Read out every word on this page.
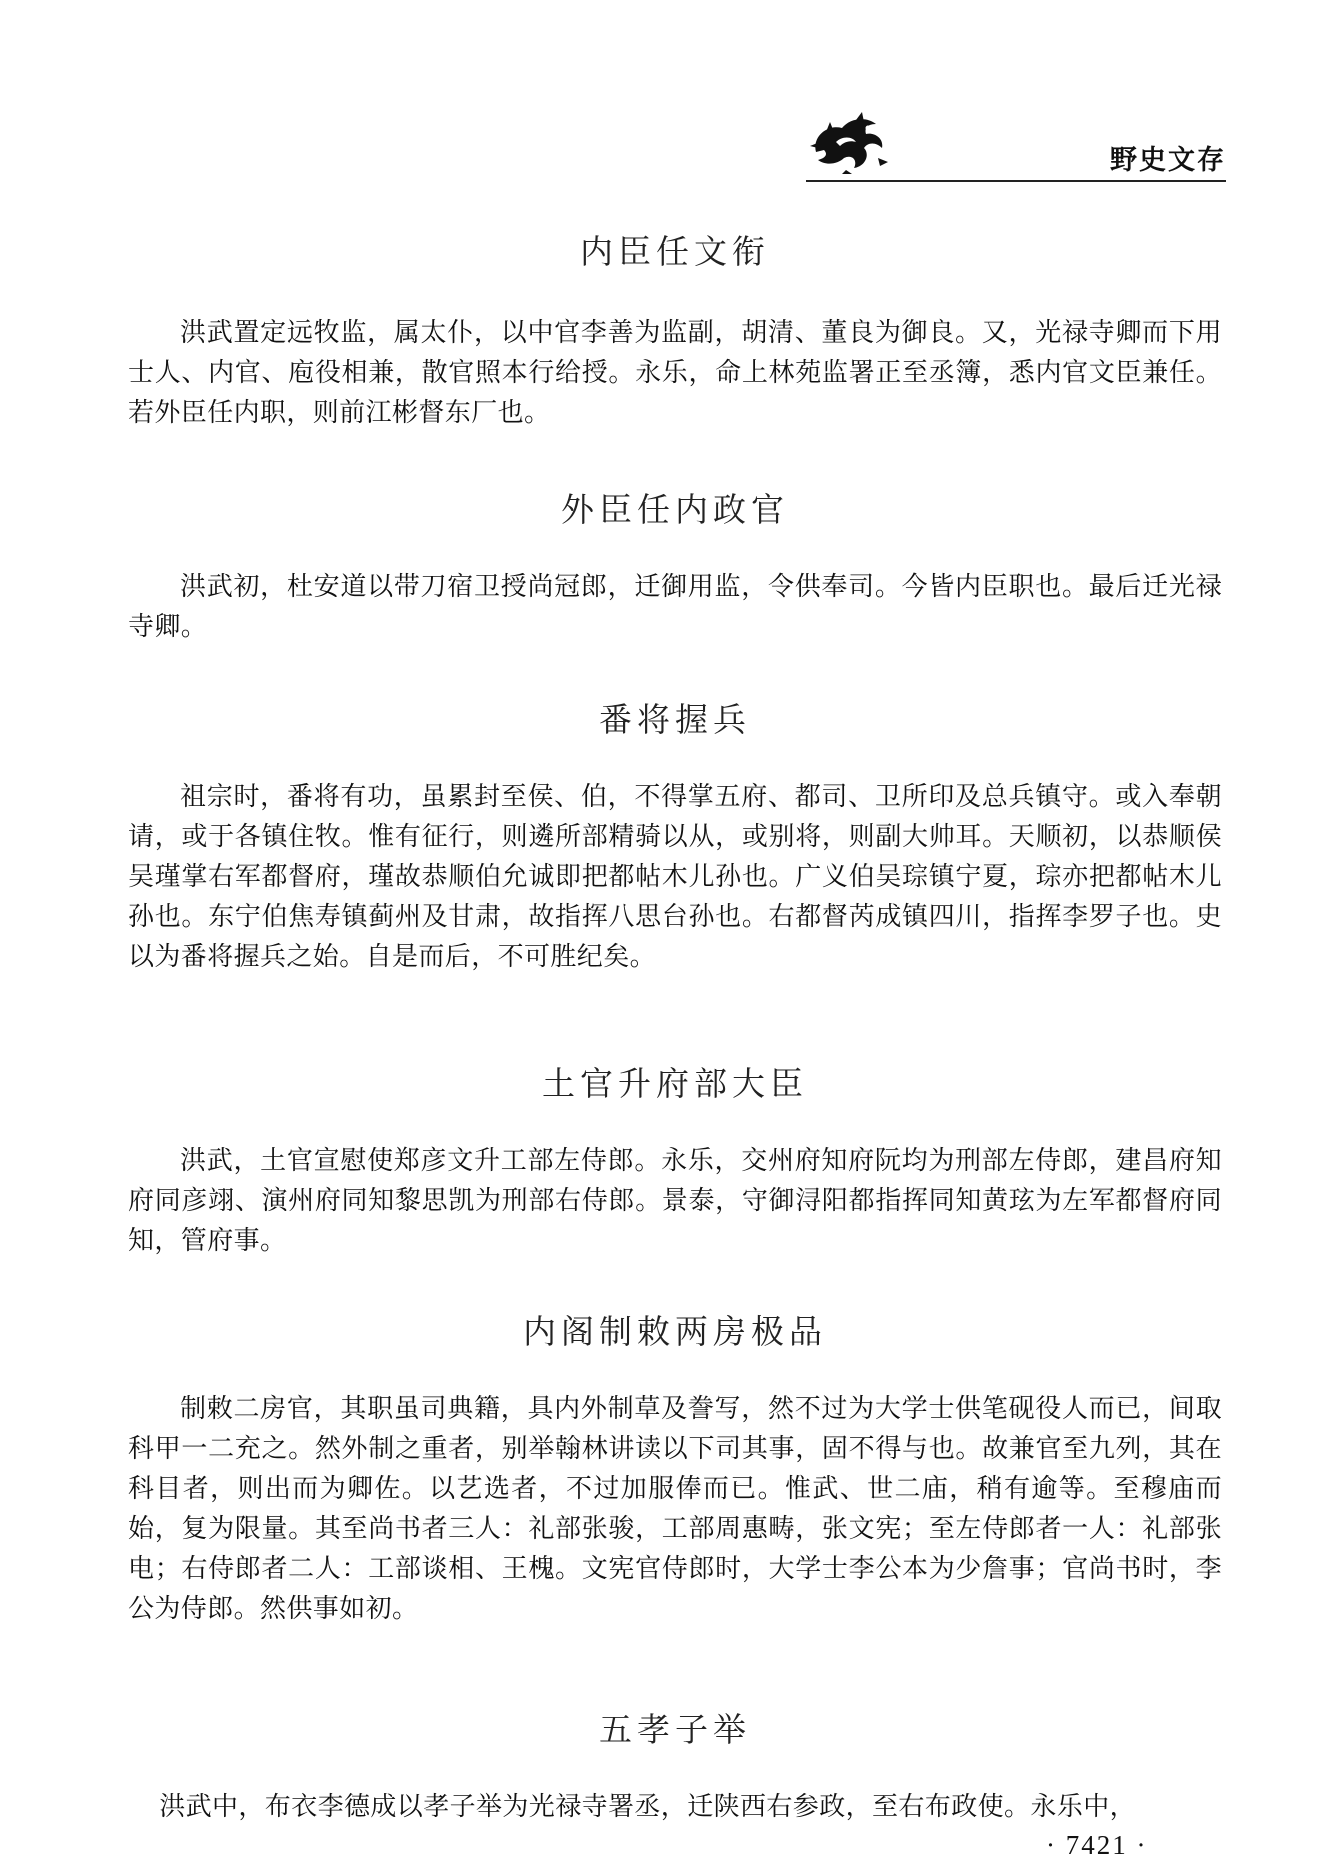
野史文存
内臣任文衔

洪武置定远牧监，属太仆，以中官李善为监副，胡清、董良为御良。又，光禄寺卿而下用士人、内官、庖役相兼，散官照本行给授。永乐，命上林苑监署正至丞簿，悉内官文臣兼任。若外臣任内职，则前江彬督东厂也。

外臣任内政官

洪武初，杜安道以带刀宿卫授尚冠郎，迁御用监，令供奉司。今皆内臣职也。最后迁光禄寺卿。

番将握兵

祖宗时，番将有功，虽累封至侯、伯，不得掌五府、都司、卫所印及总兵镇守。或入奉朝请，或于各镇住牧。惟有征行，则遴所部精骑以从，或别将，则副大帅耳。天顺初，以恭顺侯吴瑾掌右军都督府，瑾故恭顺伯允诚即把都帖木儿孙也。广义伯吴琮镇宁夏，琮亦把都帖木儿孙也。东宁伯焦寿镇蓟州及甘肃，故指挥八思台孙也。右都督芮成镇四川，指挥李罗子也。史以为番将握兵之始。自是而后，不可胜纪矣。

土官升府部大臣

洪武，土官宣慰使郑彦文升工部左侍郎。永乐，交州府知府阮均为刑部左侍郎，建昌府知府同彦翊、演州府同知黎思凯为刑部右侍郎。景泰，守御浔阳都指挥同知黄玹为左军都督府同知，管府事。

内阁制敕两房极品

制敕二房官，其职虽司典籍，具内外制草及誊写，然不过为大学士供笔砚役人而已，间取科甲一二充之。然外制之重者，别举翰林讲读以下司其事，固不得与也。故兼官至九列，其在科目者，则出而为卿佐。以艺选者，不过加服俸而已。惟武、世二庙，稍有逾等。至穆庙而始，复为限量。其至尚书者三人：礼部张骏，工部周惠畴，张文宪；至左侍郎者一人：礼部张电；右侍郎者二人：工部谈相、王槐。文宪官侍郎时，大学士李公本为少詹事；官尚书时，李公为侍郎。然供事如初。

五孝子举

洪武中，布衣李德成以孝子举为光禄寺署丞，迁陕西右参政，至右布政使。永乐中，

· 7421 ·
